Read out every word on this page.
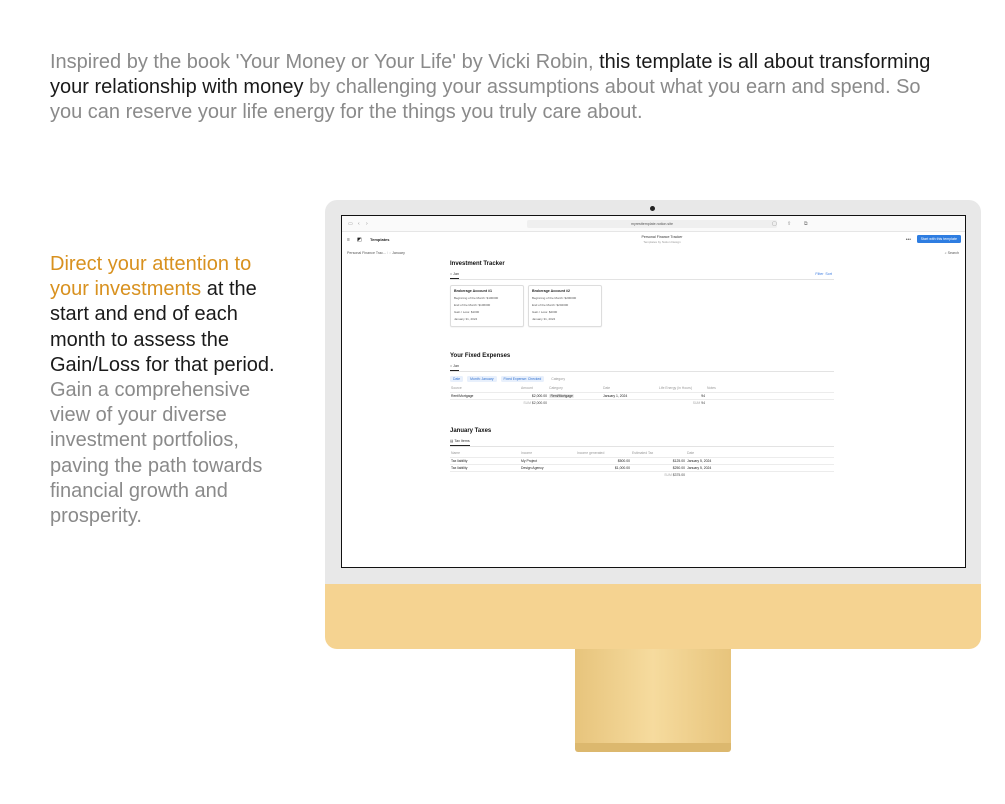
Inspired by the book 'Your Money or Your Life' by Vicki Robin, this template is all about transforming your relationship with money by challenging your assumptions about what you earn and spend. So you can reserve your life energy for the things you truly care about.

Direct your attention to your investments at the start and end of each month to assess the Gain/Loss for that period. Gain a comprehensive view of your diverse investment portfolios, paving the path towards financial growth and prosperity.

▭ ‹ ›	myresttemplate.notion.site	▢ ⇪	⧉
≡ ◩ Templates	Personal Finance Tracker
Templates by Notion Design	•••	Start with this template
Personal Finance Trac... / ○ January	⌕ Search
Investment Tracker
○ Jan	Filter Sort
Brokerage Account #1
Beginning of the Month: $100000
End of the Month: $106000
Gain / Loss: $1000
January 31, 2024
Brokerage Account #2
Beginning of the Month: $200000
End of the Month: $202000
Gain / Loss: $2000
January 31, 2024
Your Fixed Expenses
○ Jan
Date	Month: January	Fixed Expense: Checked	Category
Source	Amount	Category	Date	Life Energy (in Hours)	Notes
Rent/Mortgage	$2,000.00	Rent/Mortgage	January 1, 2024	94	
	SUM $2,000.00			SUM 94	
January Taxes
▤ Tax Items
Name	Income	Income generated	Estimated Tax	Date
Tax liability	My Project	$500.00	$125.00	January 5, 2024
Tax liability	Design Agency	$1,000.00	$250.00	January 5, 2024
			SUM $375.00	
